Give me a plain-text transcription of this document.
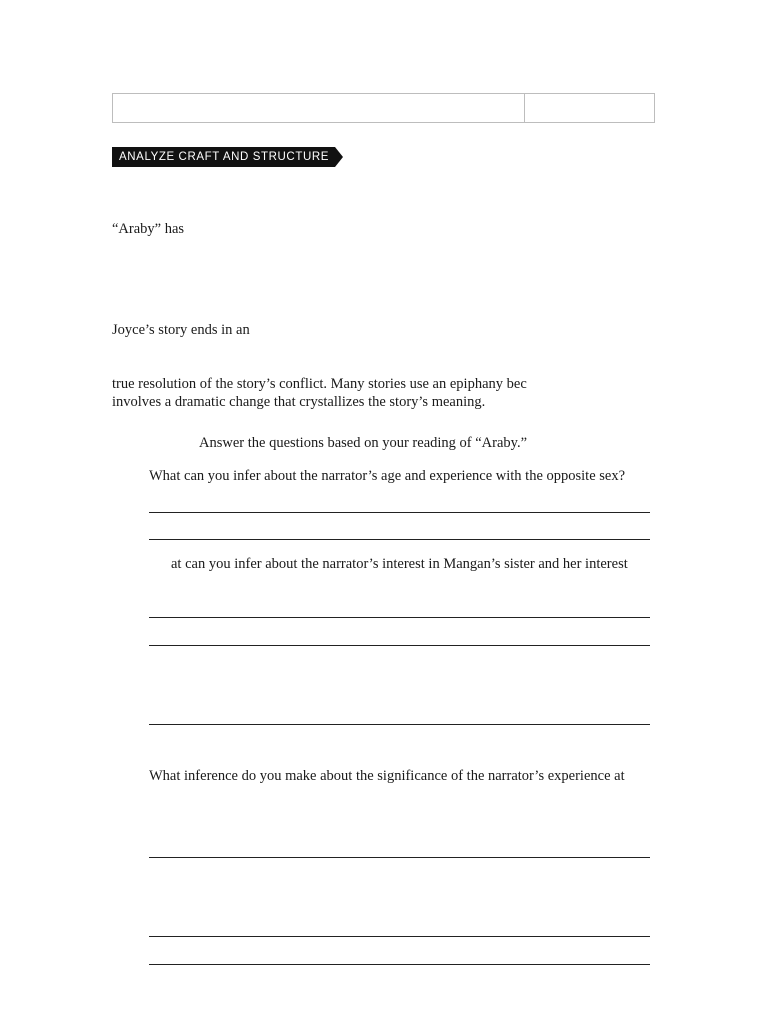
ANALYZE CRAFT AND STRUCTURE
“Araby” has
Joyce’s story ends in an
true resolution of the story’s conflict. Many stories use an epiphany bec
involves a dramatic change that crystallizes the story’s meaning.
Answer the questions based on your reading of “Araby.”
What can you infer about the narrator’s age and experience with the opposite sex?
at can you infer about the narrator’s interest in Mangan’s sister and her interest
What inference do you make about the significance of the narrator’s experience at
